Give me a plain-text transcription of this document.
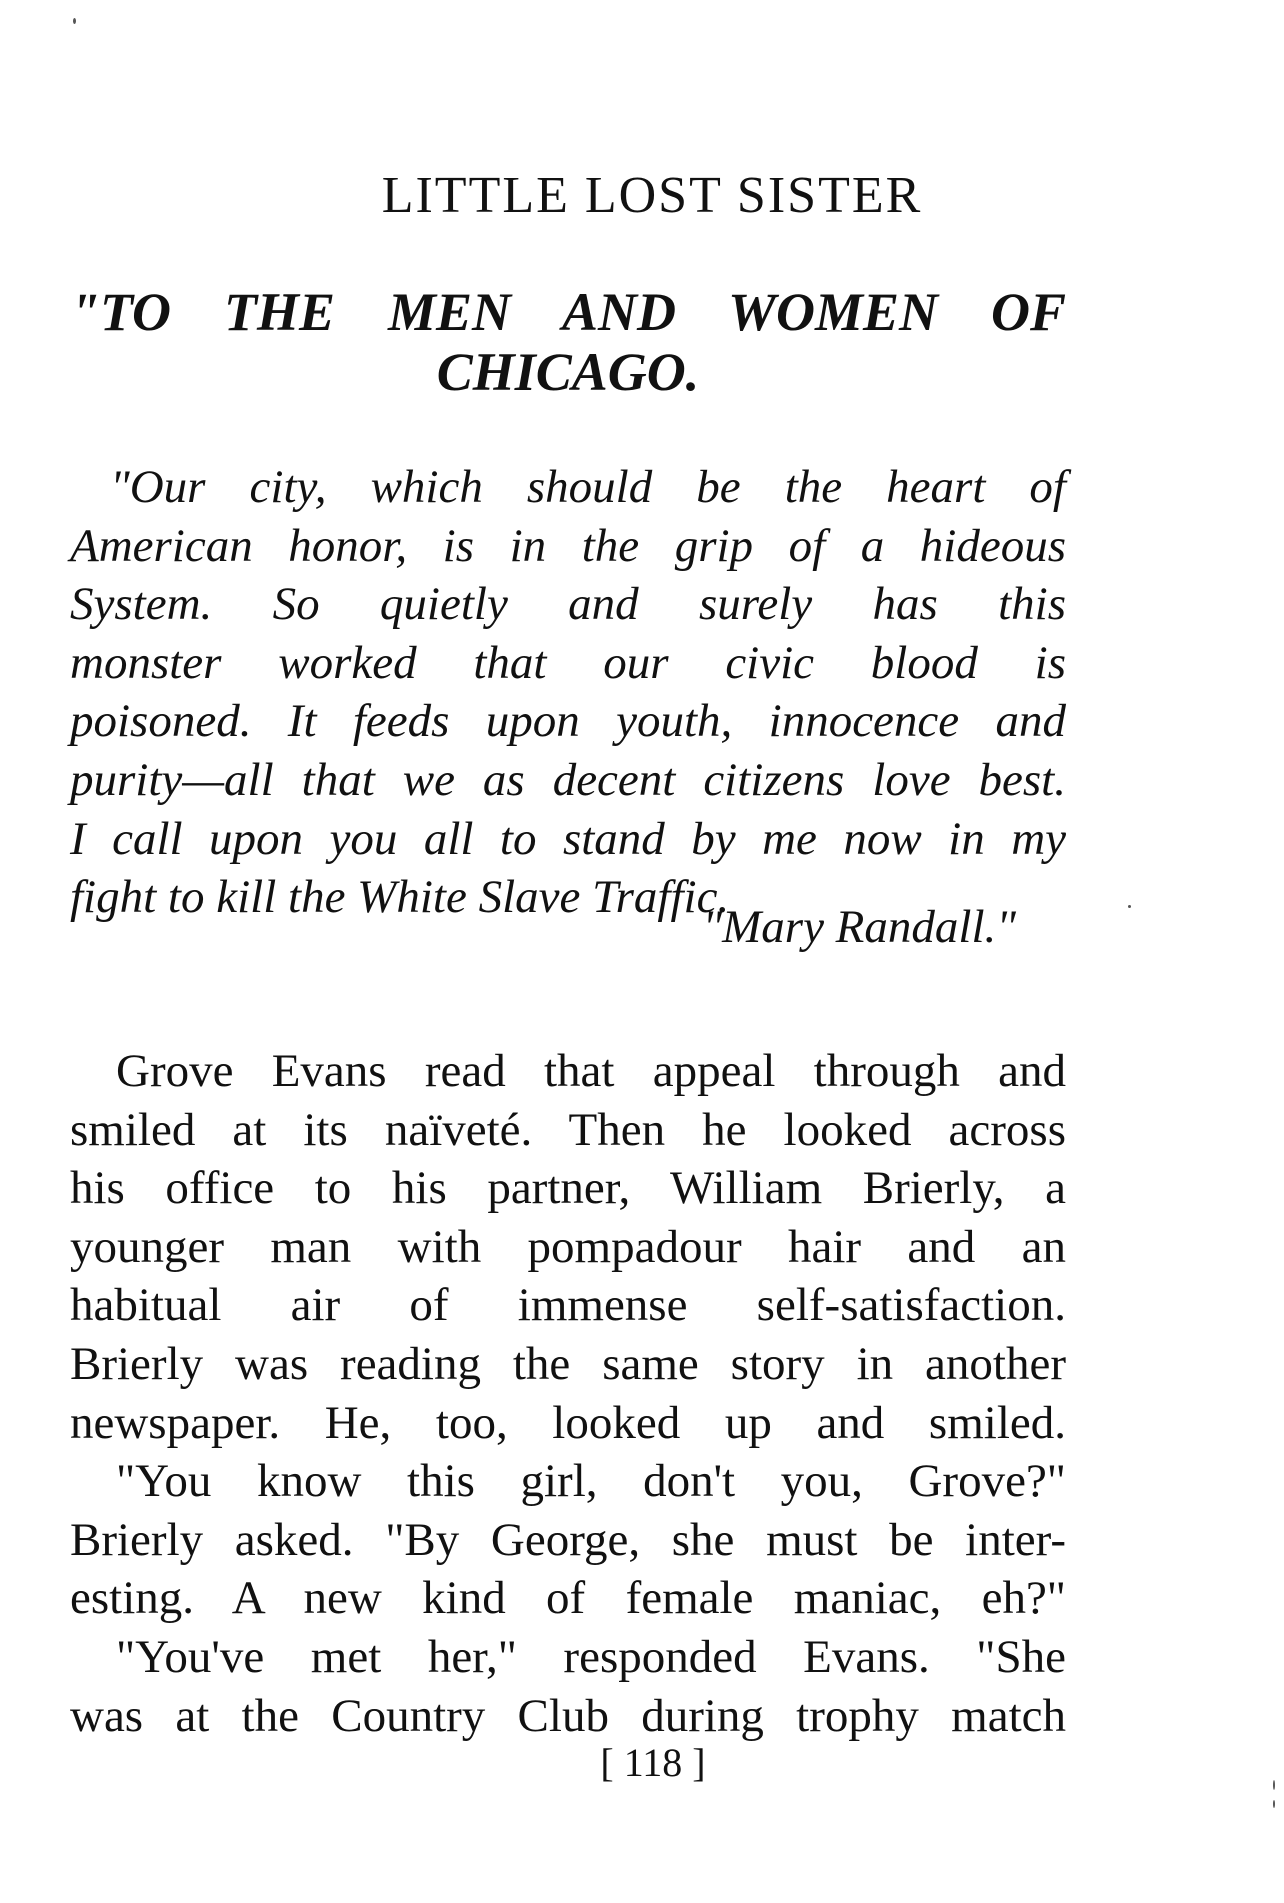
LITTLE LOST SISTER
"TO THE MEN AND WOMEN OF
CHICAGO.
"Our city, which should be the heart of
American honor, is in the grip of a hideous
System. So quietly and surely has this
monster worked that our civic blood is
poisoned. It feeds upon youth, innocence and
purity—all that we as decent citizens love best.
I call upon you all to stand by me now in my
fight to kill the White Slave Traffic.
"Mary Randall."
Grove Evans read that appeal through and
smiled at its naïveté. Then he looked across
his office to his partner, William Brierly, a
younger man with pompadour hair and an
habitual air of immense self-satisfaction.
Brierly was reading the same story in another
newspaper. He, too, looked up and smiled.
"You know this girl, don't you, Grove?"
Brierly asked. "By George, she must be inter-
esting. A new kind of female maniac, eh?"
"You've met her," responded Evans. "She
was at the Country Club during trophy match
[ 118 ]
